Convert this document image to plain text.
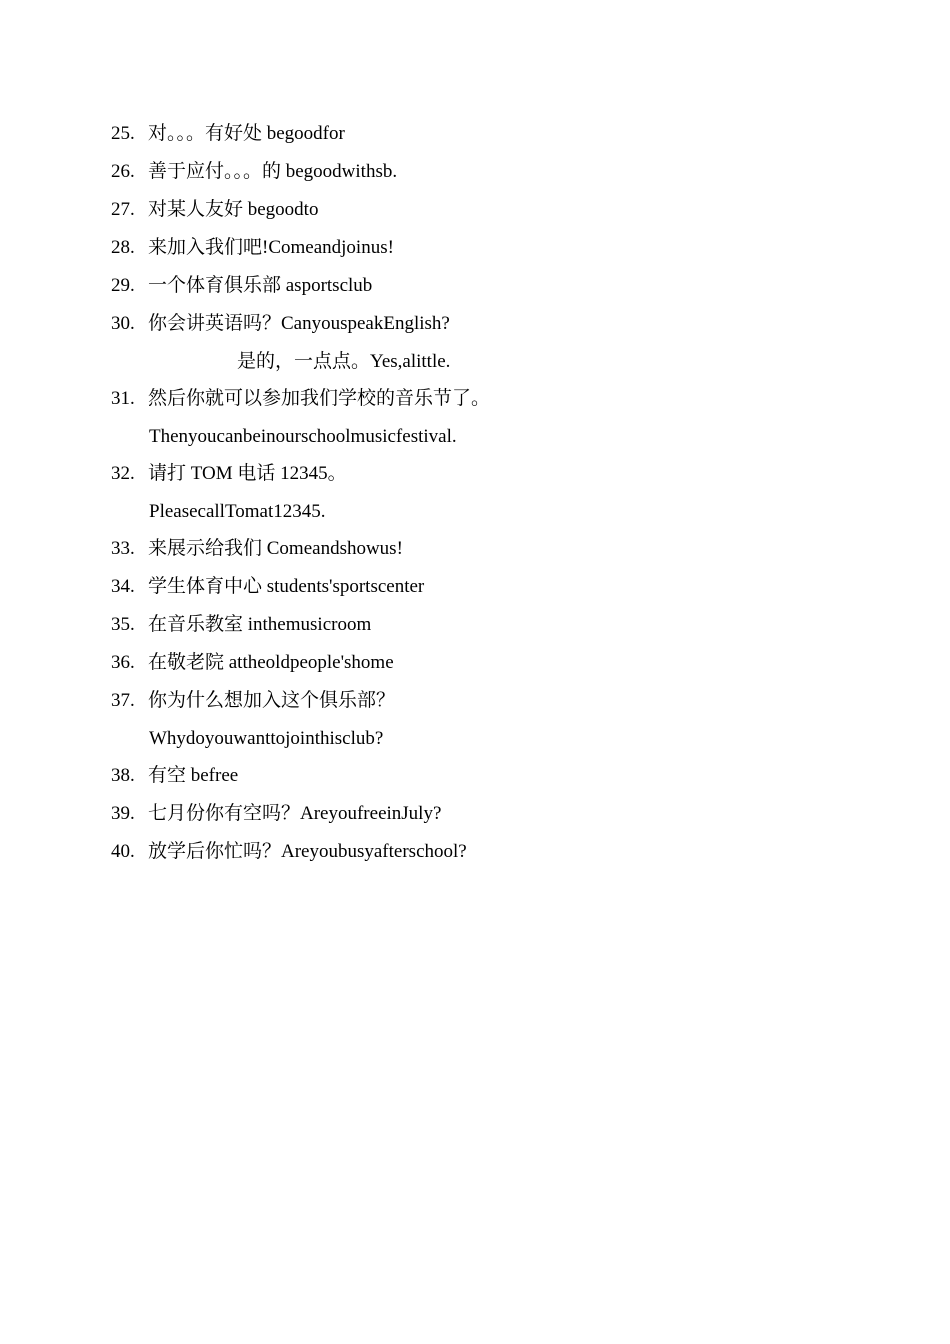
25. 对。。。有好处 begoodfor
26. 善于应付。。。的 begoodwithsb.
27. 对某人友好 begoodto
28. 来加入我们吧!Comeandjoinus!
29. 一个体育俱乐部 asportsclub
30. 你会讲英语吗？CanyouspeakEnglish?
是的，一点点。Yes,alittle.
31. 然后你就可以参加我们学校的音乐节了。
Thenyoucanbeinourschoolmusicfestival.
32. 请打 TOM 电话 12345。
PleasecallTomat12345.
33. 来展示给我们 Comeandshowus!
34. 学生体育中心 students'sportscenter
35. 在音乐教室 inthemusicroom
36. 在敬老院 attheoldpeople'shome
37. 你为什么想加入这个俱乐部？
Whydoyouwanttojointhisclub?
38. 有空 befree
39. 七月份你有空吗？AreyoufreeinJuly?
40. 放学后你忙吗？Areyoubusyafterschool?
